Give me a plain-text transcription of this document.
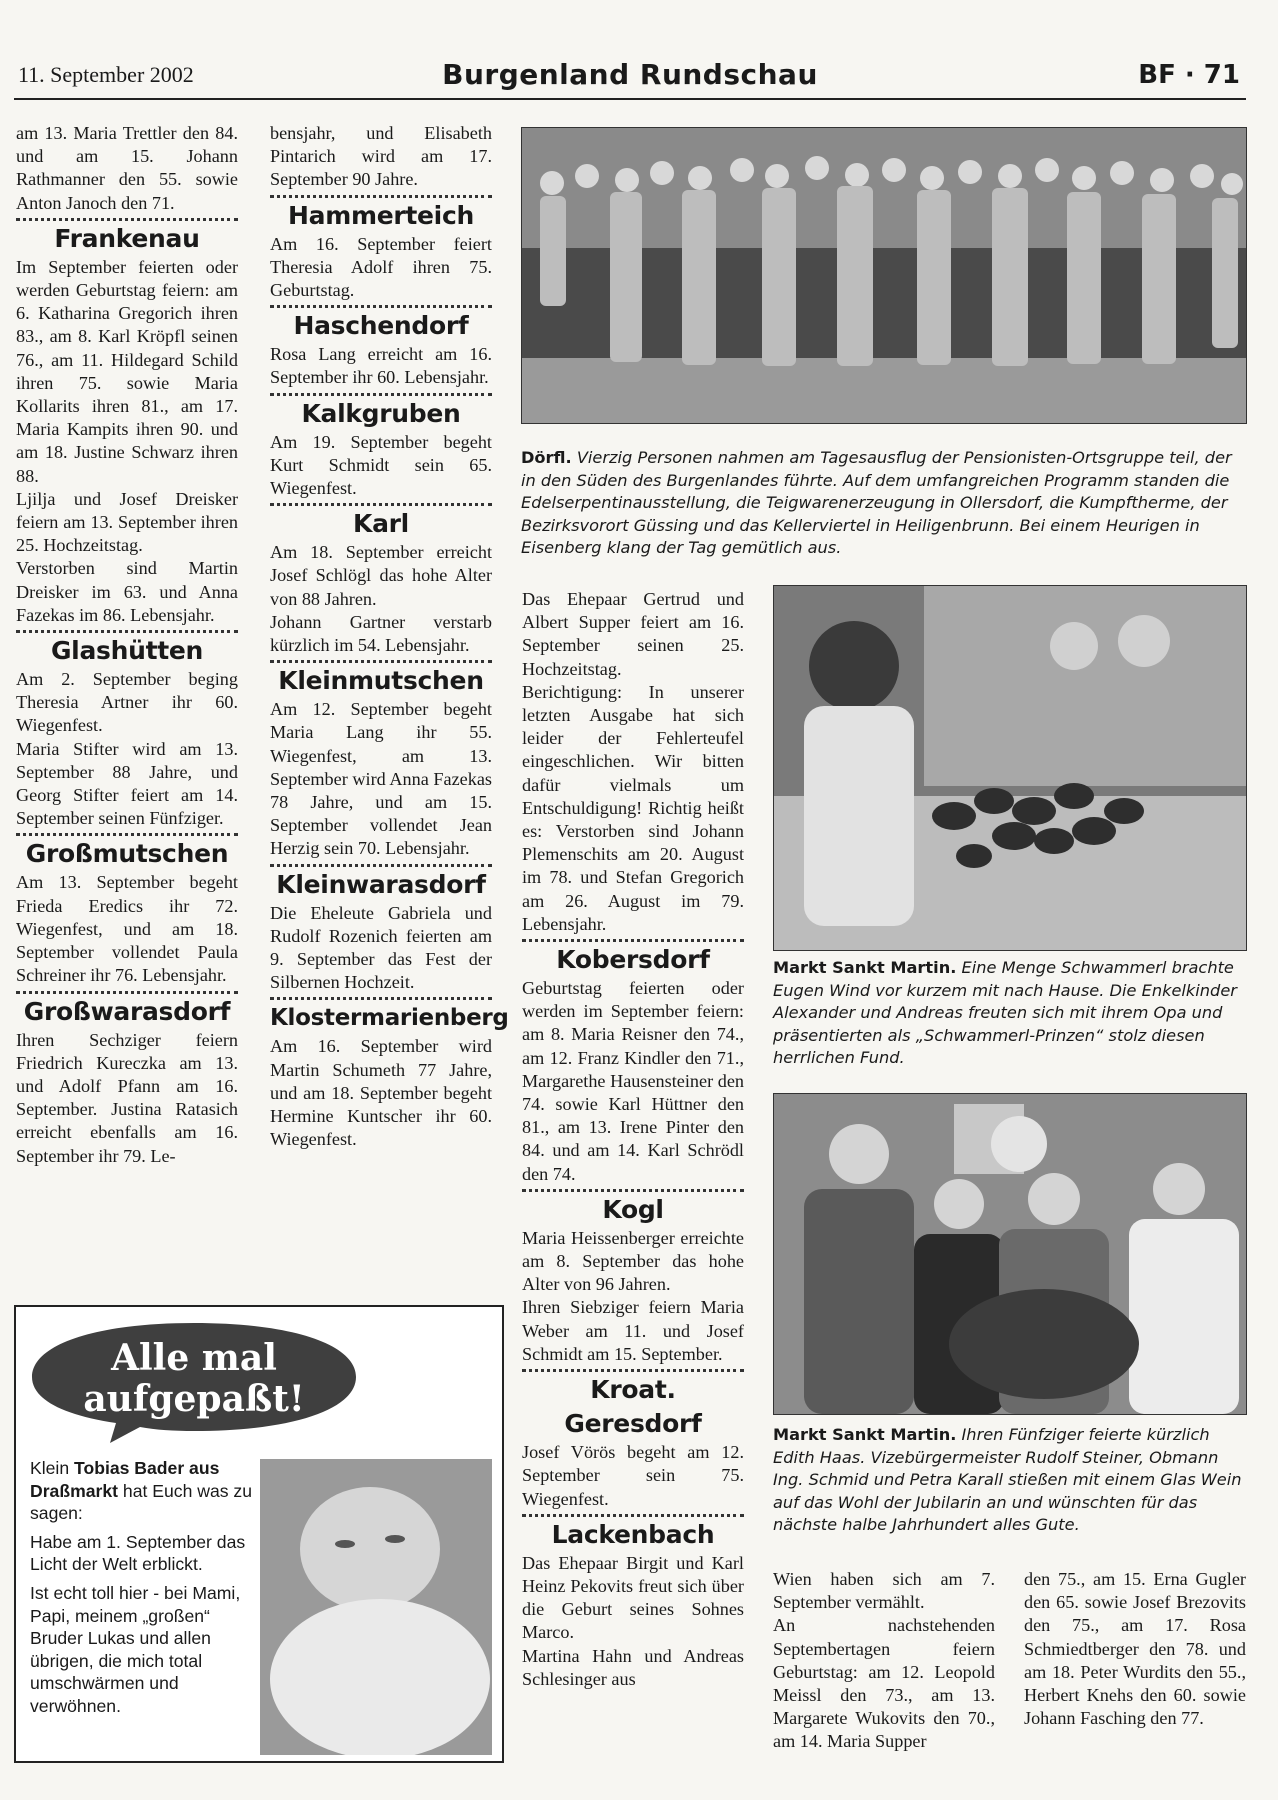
11. September 2002	Burgenland Rundschau	BF · 71

am 13. Maria Trettler den 84. und am 15. Johann Rathmanner den 55. sowie Anton Janoch den 71.

Frankenau

Im September feierten oder werden Geburtstag feiern: am 6. Katharina Gregorich ihren 83., am 8. Karl Kröpfl seinen 76., am 11. Hildegard Schild ihren 75. sowie Maria Kollarits ihren 81., am 17. Maria Kampits ihren 90. und am 18. Justine Schwarz ihren 88.

Ljilja und Josef Dreisker feiern am 13. September ihren 25. Hochzeitstag.

Verstorben sind Martin Dreisker im 63. und Anna Fazekas im 86. Lebensjahr.

Glashütten

Am 2. September beging Theresia Artner ihr 60. Wiegenfest.

Maria Stifter wird am 13. September 88 Jahre, und Georg Stifter feiert am 14. September seinen Fünfziger.

Großmutschen

Am 13. September begeht Frieda Eredics ihr 72. Wiegenfest, und am 18. September vollendet Paula Schreiner ihr 76. Lebensjahr.

Großwarasdorf

Ihren Sechziger feiern Friedrich Kureczka am 13. und Adolf Pfann am 16. September. Justina Ratasich erreicht ebenfalls am 16. September ihr 79. Le-

bensjahr, und Elisabeth Pintarich wird am 17. September 90 Jahre.

Hammerteich

Am 16. September feiert Theresia Adolf ihren 75. Geburtstag.

Haschendorf

Rosa Lang erreicht am 16. September ihr 60. Lebensjahr.

Kalkgruben

Am 19. September begeht Kurt Schmidt sein 65. Wiegenfest.

Karl

Am 18. September erreicht Josef Schlögl das hohe Alter von 88 Jahren.

Johann Gartner verstarb kürzlich im 54. Lebensjahr.

Kleinmutschen

Am 12. September begeht Maria Lang ihr 55. Wiegenfest, am 13. September wird Anna Fazekas 78 Jahre, und am 15. September vollendet Jean Herzig sein 70. Lebensjahr.

Kleinwarasdorf

Die Eheleute Gabriela und Rudolf Rozenich feierten am 9. September das Fest der Silbernen Hochzeit.

Klostermarienberg

Am 16. September wird Martin Schumeth 77 Jahre, und am 18. September begeht Hermine Kuntscher ihr 60. Wiegenfest.

Dörfl. Vierzig Personen nahmen am Tagesausflug der Pensionisten-Ortsgruppe teil, der in den Süden des Burgenlandes führte. Auf dem umfangreichen Programm standen die Edelserpentinausstellung, die Teigwarenerzeugung in Ollersdorf, die Kumpftherme, der Bezirksvorort Güssing und das Kellerviertel in Heiligenbrunn. Bei einem Heurigen in Eisenberg klang der Tag gemütlich aus.

Das Ehepaar Gertrud und Albert Supper feiert am 16. September seinen 25. Hochzeitstag.

Berichtigung: In unserer letzten Ausgabe hat sich leider der Fehlerteufel eingeschlichen. Wir bitten dafür vielmals um Entschuldigung! Richtig heißt es: Verstorben sind Johann Plemenschits am 20. August im 78. und Stefan Gregorich am 26. August im 79. Lebensjahr.

Kobersdorf

Geburtstag feierten oder werden im September feiern: am 8. Maria Reisner den 74., am 12. Franz Kindler den 71., Margarethe Hausensteiner den 74. sowie Karl Hüttner den 81., am 13. Irene Pinter den 84. und am 14. Karl Schrödl den 74.

Kogl

Maria Heissenberger erreichte am 8. September das hohe Alter von 96 Jahren.

Ihren Siebziger feiern Maria Weber am 11. und Josef Schmidt am 15. September.

Kroat. Geresdorf

Josef Vörös begeht am 12. September sein 75. Wiegenfest.

Lackenbach

Das Ehepaar Birgit und Karl Heinz Pekovits freut sich über die Geburt seines Sohnes Marco.

Martina Hahn und Andreas Schlesinger aus

Markt Sankt Martin. Eine Menge Schwammerl brachte Eugen Wind vor kurzem mit nach Hause. Die Enkelkinder Alexander und Andreas freuten sich mit ihrem Opa und präsentierten als „Schwammerl-Prinzen“ stolz diesen herrlichen Fund.
Markt Sankt Martin. Ihren Fünfziger feierte kürzlich Edith Haas. Vizebürgermeister Rudolf Steiner, Obmann Ing. Schmid und Petra Karall stießen mit einem Glas Wein auf das Wohl der Jubilarin an und wünschten für das nächste halbe Jahrhundert alles Gute.

Wien haben sich am 7. September vermählt.

An nachstehenden Septembertagen feiern Geburtstag: am 12. Leopold Meissl den 73., am 13. Margarete Wukovits den 70., am 14. Maria Supper

den 75., am 15. Erna Gugler den 65. sowie Josef Brezovits den 75., am 17. Rosa Schmiedtberger den 78. und am 18. Peter Wurdits den 55., Herbert Knehs den 60. sowie Johann Fasching den 77.

Alle mal
aufgepaßt!

Klein Tobias Bader aus Draßmarkt hat Euch was zu sagen:

Habe am 1. September das Licht der Welt erblickt.

Ist echt toll hier - bei Mami, Papi, meinem „großen“ Bruder Lukas und allen übrigen, die mich total umschwärmen und verwöhnen.
